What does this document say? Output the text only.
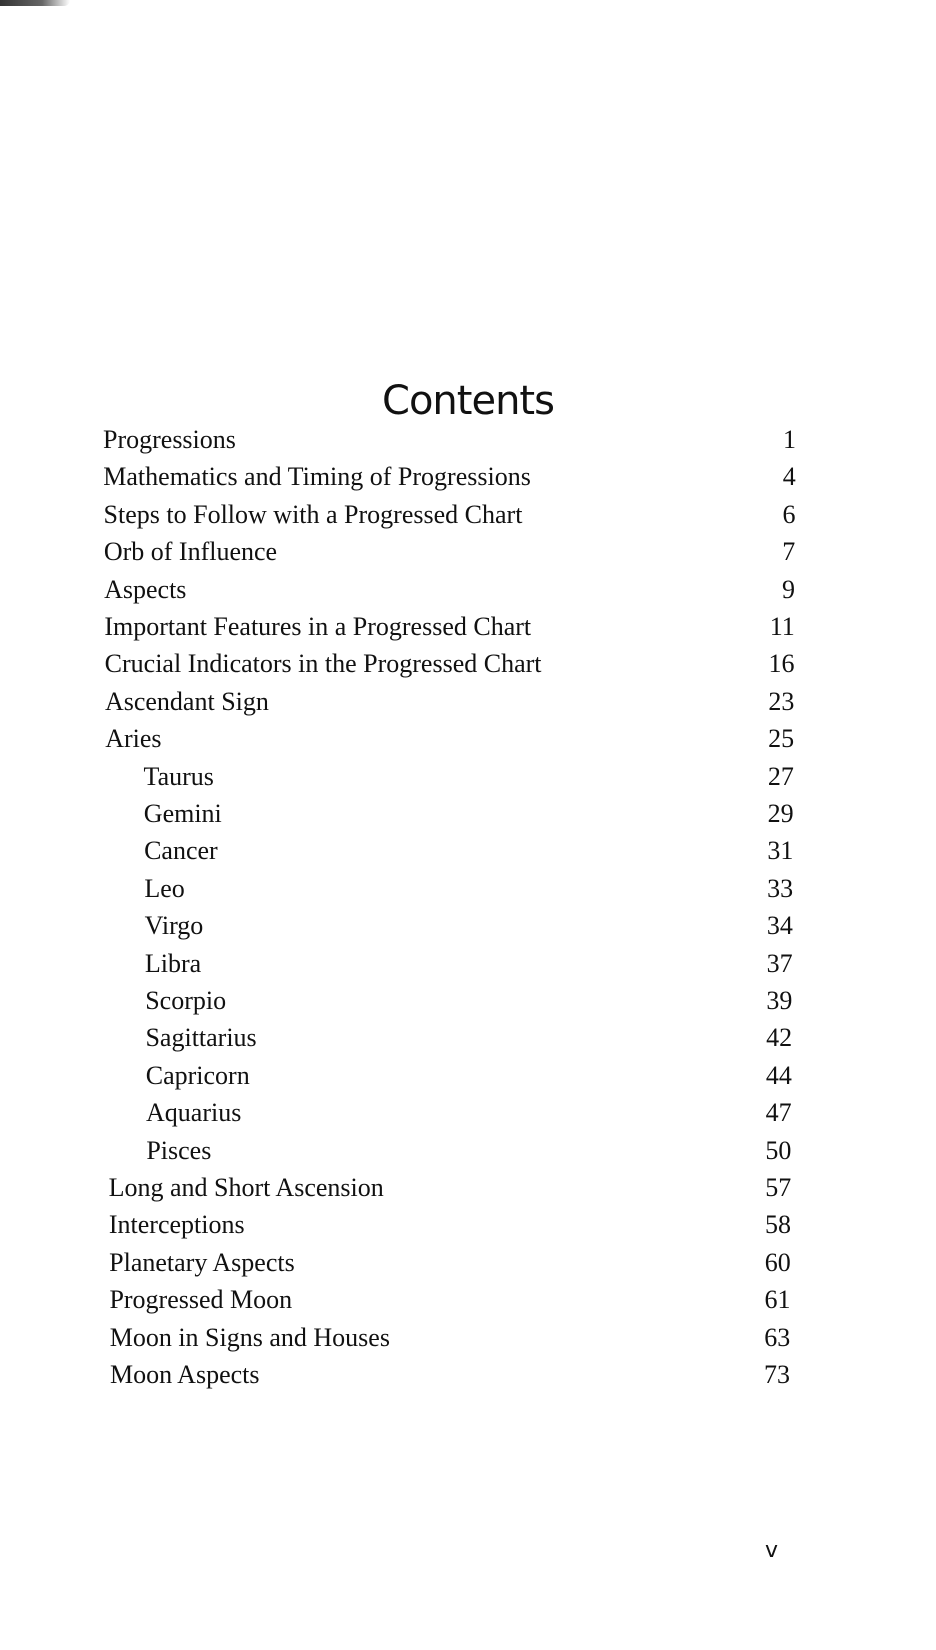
Contents
Progressions	1
Mathematics and Timing of Progressions	4
Steps to Follow with a Progressed Chart	6
Orb of Influence	7
Aspects	9
Important Features in a Progressed Chart	11
Crucial Indicators in the Progressed Chart	16
Ascendant Sign	23
Aries	25
Taurus	27
Gemini	29
Cancer	31
Leo	33
Virgo	34
Libra	37
Scorpio	39
Sagittarius	42
Capricorn	44
Aquarius	47
Pisces	50
Long and Short Ascension	57
Interceptions	58
Planetary Aspects	60
Progressed Moon	61
Moon in Signs and Houses	63
Moon Aspects	73
v
